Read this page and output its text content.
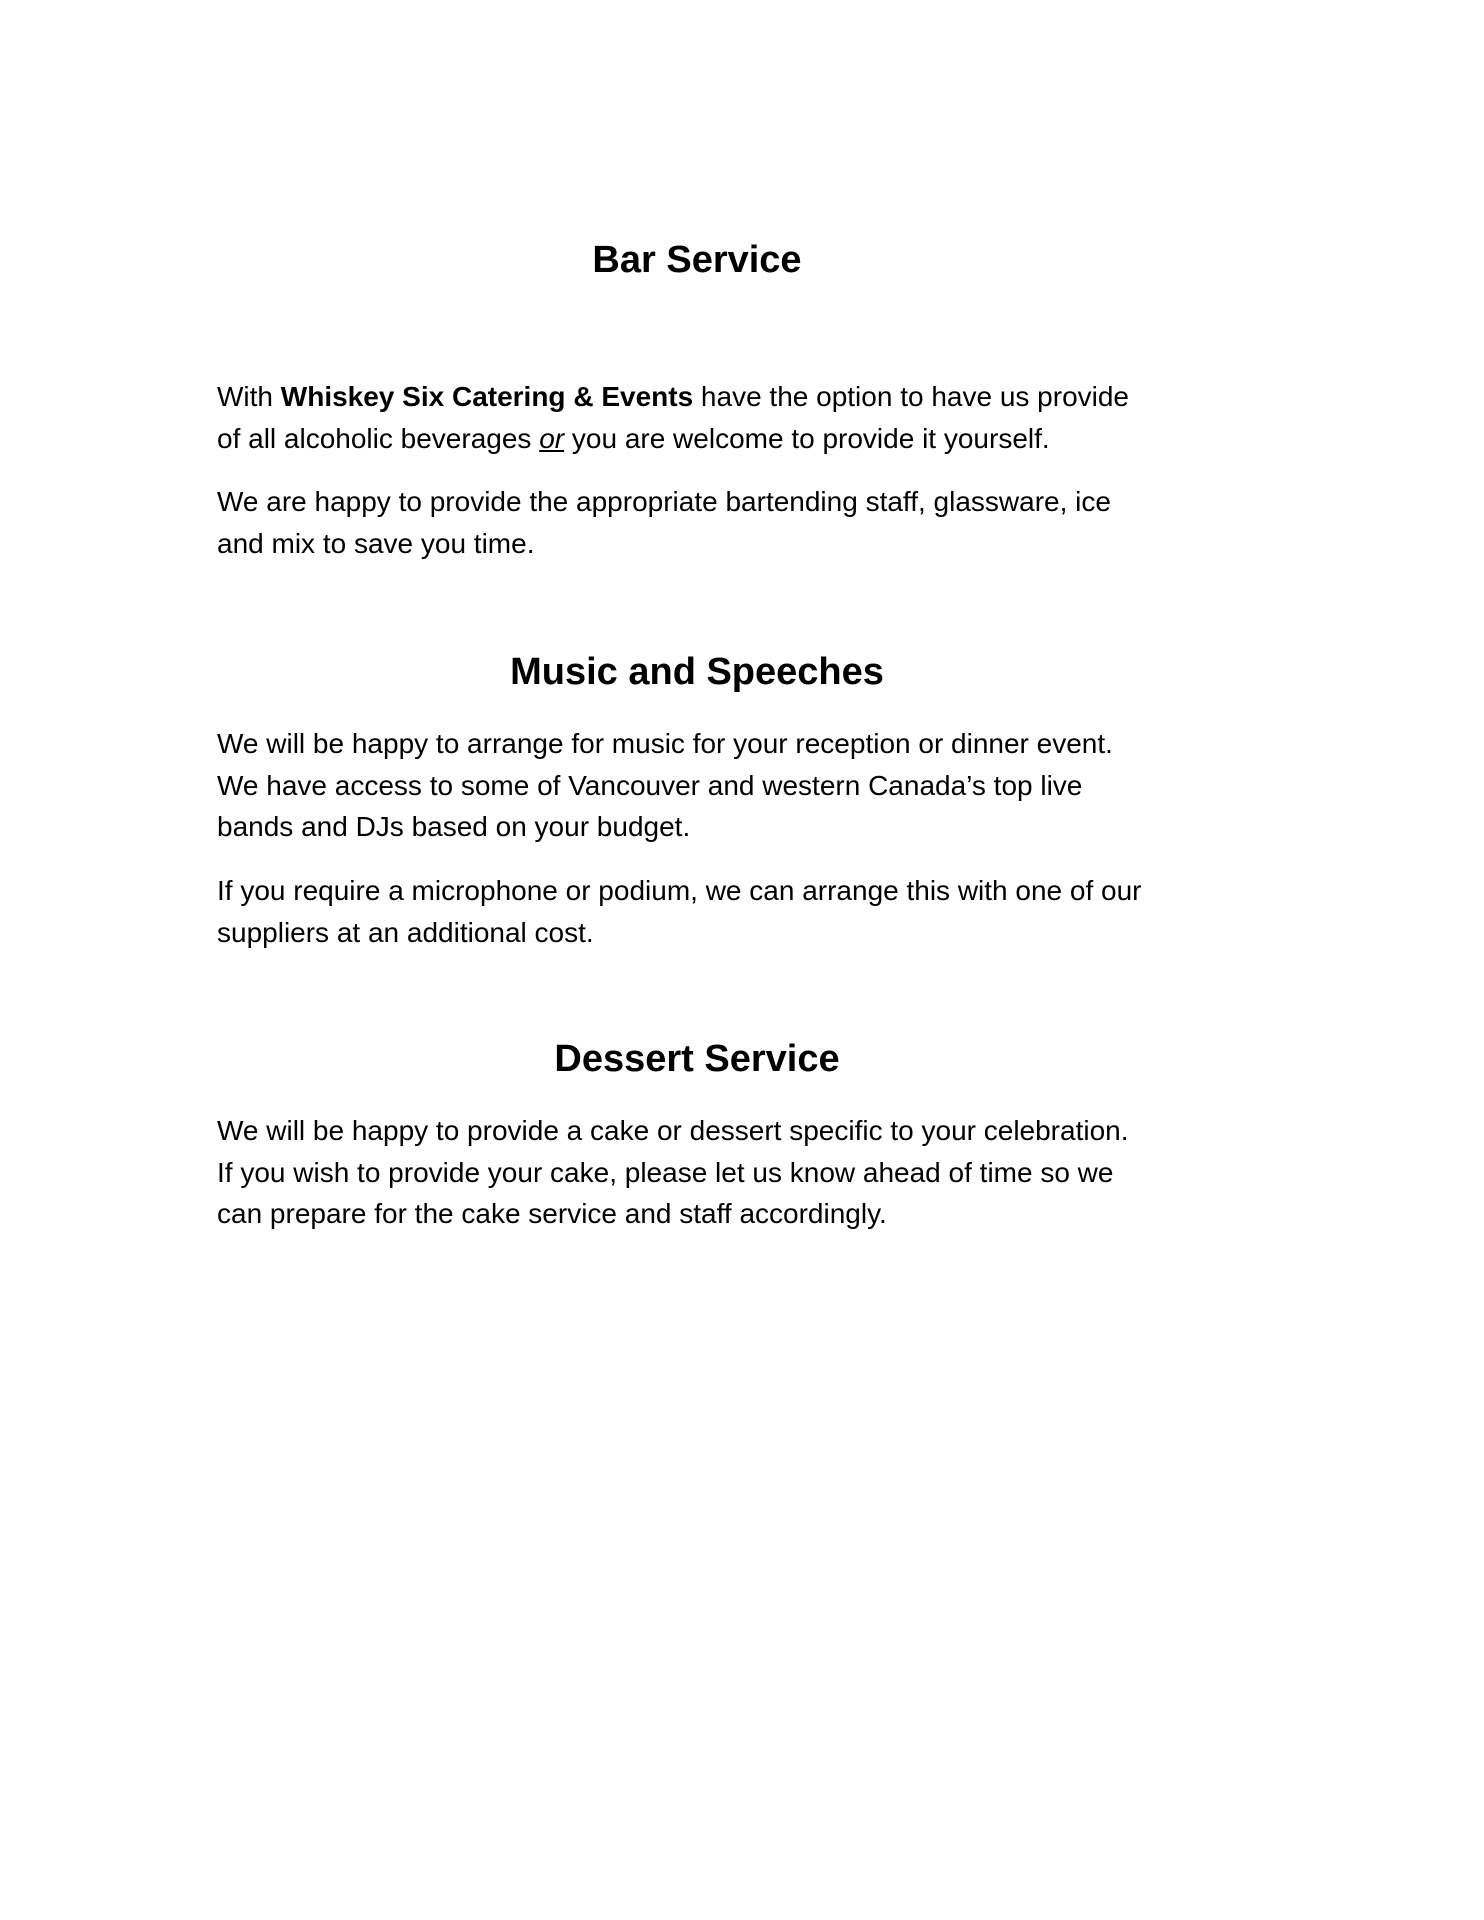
Bar Service

With Whiskey Six Catering & Events have the option to have us provide
of all alcoholic beverages or you are welcome to provide it yourself.

We are happy to provide the appropriate bartending staff, glassware, ice
and mix to save you time.

Music and Speeches

We will be happy to arrange for music for your reception or dinner event.
We have access to some of Vancouver and western Canada’s top live
bands and DJs based on your budget.

If you require a microphone or podium, we can arrange this with one of our
suppliers at an additional cost.

Dessert Service

We will be happy to provide a cake or dessert specific to your celebration.
If you wish to provide your cake, please let us know ahead of time so we
can prepare for the cake service and staff accordingly.
